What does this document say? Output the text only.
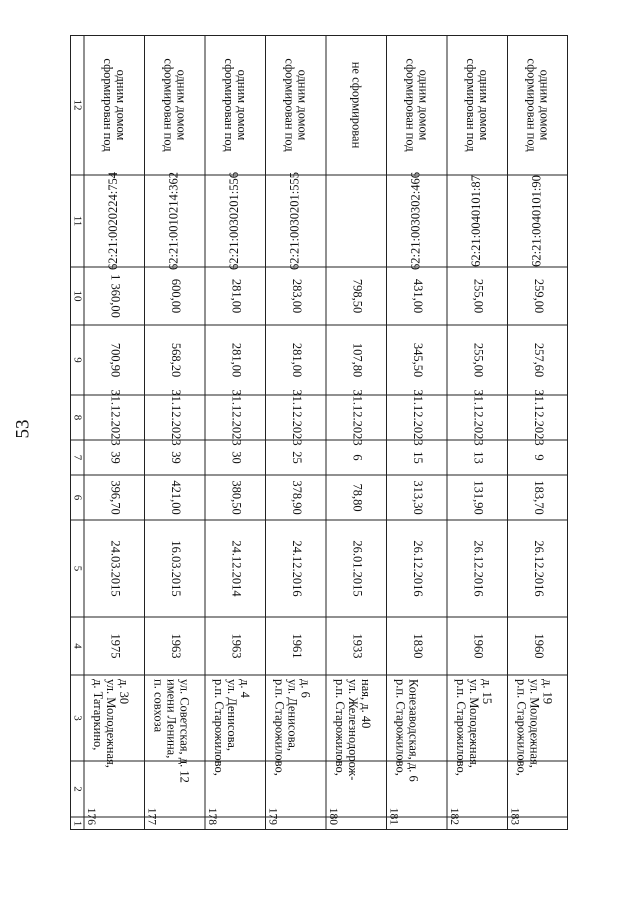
53
1
2
3
4
5
6
7
8
9
10
11
12
176
д. Татаркино, ул. Молодежная, д. 30
1975
24.03.2015
396,70
39
31.12.2023
700,90
1 360,00
62:21:0020224:754
сформирован под одним домом
177
п. совхоза имени Ленина, ул. Советская, д. 12
1963
16.03.2015
421,00
39
31.12.2023
568,20
600,00
62:21:0010214:362
сформирован под одним домом
178
р.п. Старожилово, ул. Денисова, д. 4
1963
24.12.2014
380,50
30
31.12.2023
281,00
281,00
62:21:0030201:556
сформирован под одним домом
179
р.п. Старожилово, ул. Денисова, д. 6
1961
24.12.2016
378,90
25
31.12.2023
281,00
283,00
62:21:0030201:555
сформирован под одним домом
180
р.п. Старожилово, ул. Железнодорож- ная, д. 40
1933
26.01.2015
78,80
6
31.12.2023
107,80
798,50
не сформирован
181
р.п. Старожилово, Конезаводская, д. 6
1830
26.12.2016
313,30
15
31.12.2023
345,50
431,00
62:21:0030302:466
сформирован под одним домом
182
р.п. Старожилово, ул. Молодежная, д. 15
1960
26.12.2016
131,90
13
31.12.2023
255,00
255,00
62:21:0040101:87
сформирован под одним домом
183
р.п. Старожилово, ул. Молодежная, д. 19
1960
26.12.2016
183,70
9
31.12.2023
257,60
259,00
62:21:0040101:90
сформирован под одним домом
